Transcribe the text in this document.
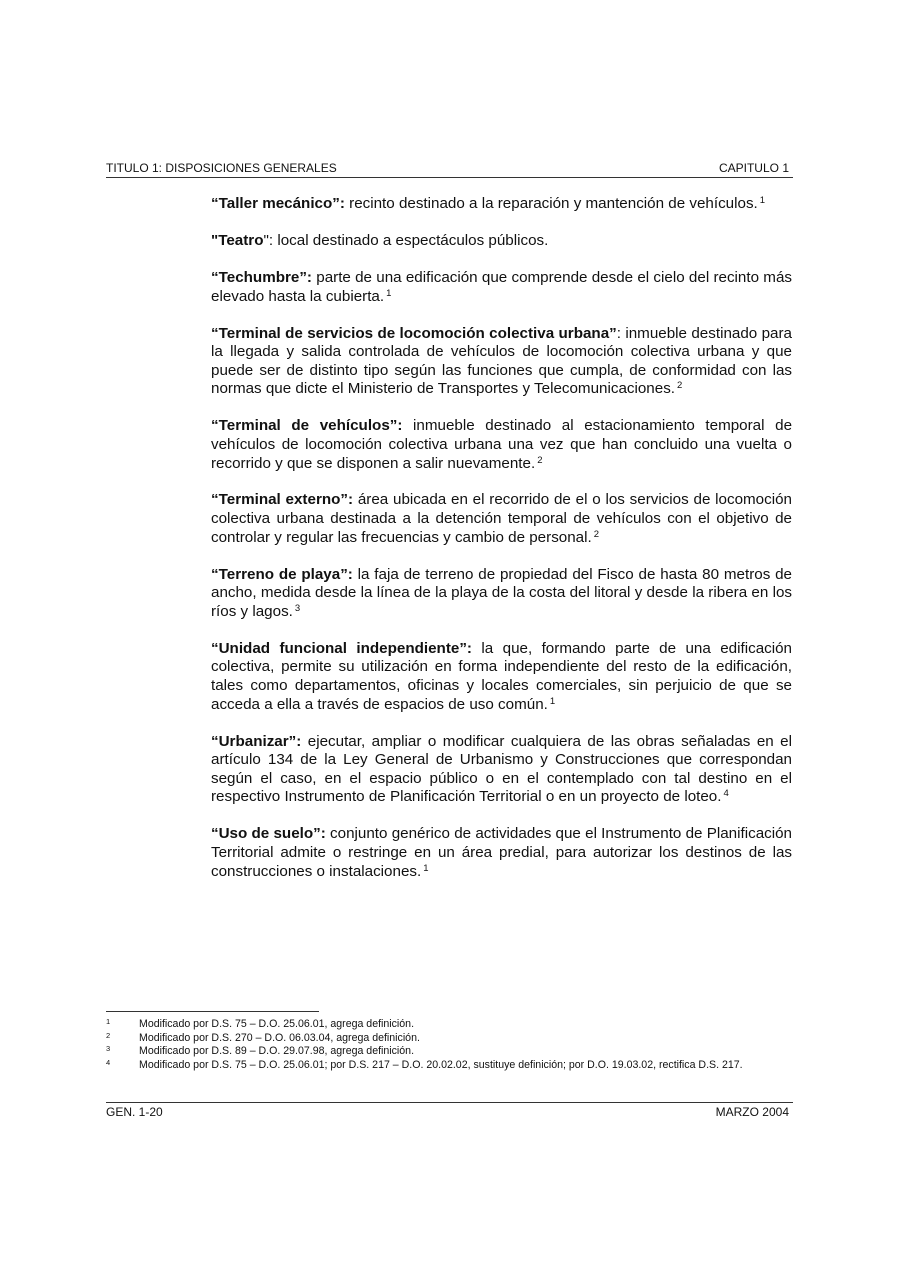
TITULO 1: DISPOSICIONES GENERALES	CAPITULO 1

“Taller mecánico”: recinto destinado a la reparación y mantención de vehículos. $^1$

"Teatro": local destinado a espectáculos públicos.

“Techumbre”: parte de una edificación que comprende desde el cielo del recinto más elevado hasta la cubierta. $^1$

“Terminal de servicios de locomoción colectiva urbana”: inmueble destinado para la llegada y salida controlada de vehículos de locomoción colectiva urbana y que puede ser de distinto tipo según las funciones que cumpla, de conformidad con las normas que dicte el Ministerio de Transportes y Telecomunicaciones. $^2$

“Terminal de vehículos”: inmueble destinado al estacionamiento temporal de vehículos de locomoción colectiva urbana una vez que han concluido una vuelta o recorrido y que se disponen a salir nuevamente. $^2$

“Terminal externo”: área ubicada en el recorrido de el o los servicios de locomoción colectiva urbana destinada a la detención temporal de vehículos con el objetivo de controlar y regular las frecuencias y cambio de personal. $^2$

“Terreno de playa”: la faja de terreno de propiedad del Fisco de hasta 80 metros de ancho, medida desde la línea de la playa de la costa del litoral y desde la ribera en los ríos y lagos. $^3$

“Unidad funcional independiente”: la que, formando parte de una edificación colectiva, permite su utilización en forma independiente del resto de la edificación, tales como departamentos, oficinas y locales comerciales, sin perjuicio de que se acceda a ella a través de espacios de uso común. $^1$

“Urbanizar”: ejecutar, ampliar o modificar cualquiera de las obras señaladas en el artículo 134 de la Ley General de Urbanismo y Construcciones que correspondan según el caso, en el espacio público o en el contemplado con tal destino en el respectivo Instrumento de Planificación Territorial o en un proyecto de loteo. $^4$

“Uso de suelo”: conjunto genérico de actividades que el Instrumento de Planificación Territorial admite o restringe en un área predial, para autorizar los destinos de las construcciones o instalaciones. $^1$

1	Modificado por D.S. 75 – D.O. 25.06.01, agrega definición.
2	Modificado por D.S. 270 – D.O. 06.03.04, agrega definición.
3	Modificado por D.S. 89 – D.O. 29.07.98, agrega definición.
4	Modificado por D.S. 75 – D.O. 25.06.01; por D.S. 217 – D.O. 20.02.02, sustituye definición; por D.O. 19.03.02, rectifica D.S. 217.
GEN. 1-20	MARZO 2004
